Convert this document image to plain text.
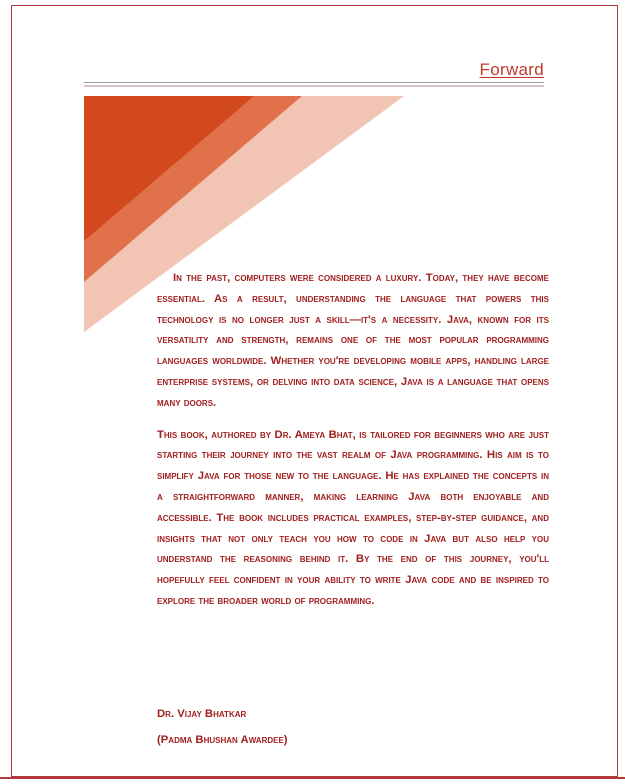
Forward

In the past, computers were considered a luxury. Today, they have become essential. As a result, understanding the language that powers this technology is no longer just a skill—it's a necessity. Java, known for its versatility and strength, remains one of the most popular programming languages worldwide. Whether you're developing mobile apps, handling large enterprise systems, or delving into data science, Java is a language that opens many doors.

This book, authored by Dr. Ameya Bhat, is tailored for beginners who are just starting their journey into the vast realm of Java programming. His aim is to simplify Java for those new to the language. He has explained the concepts in a straightforward manner, making learning Java both enjoyable and accessible. The book includes practical examples, step-by-step guidance, and insights that not only teach you how to code in Java but also help you understand the reasoning behind it. By the end of this journey, you'll hopefully feel confident in your ability to write Java code and be inspired to explore the broader world of programming.

Dr. Vijay Bhatkar
(Padma Bhushan Awardee)
